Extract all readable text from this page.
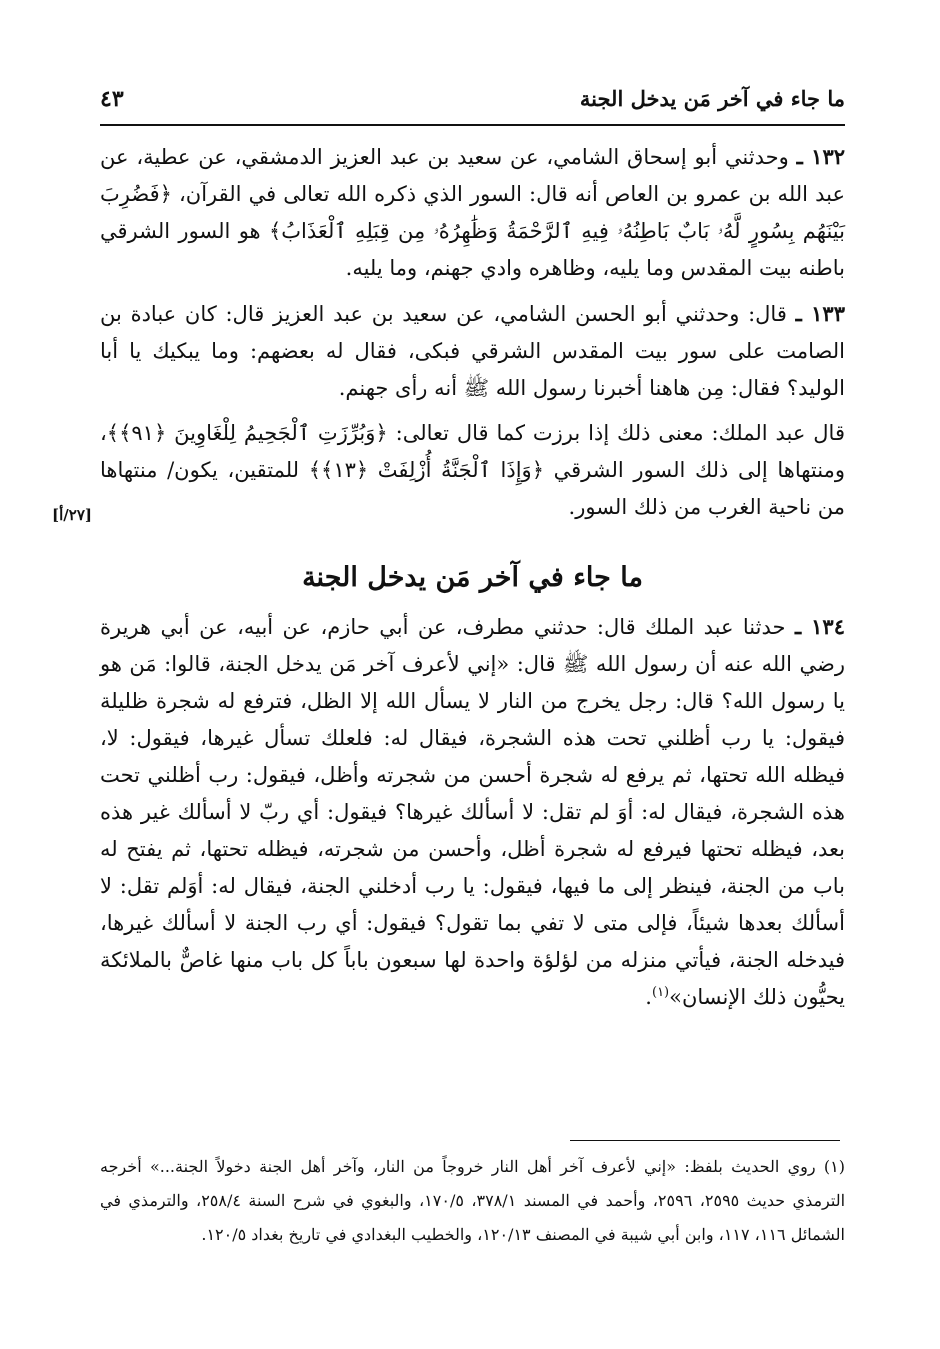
ما جاء في آخر مَن يدخل الجنة
٤٣

١٣٢ ـ وحدثني أبو إسحاق الشامي، عن سعيد بن عبد العزيز الدمشقي، عن عطية، عن عبد الله بن عمرو بن العاص أنه قال: السور الذي ذكره الله تعالى في القرآن، ﴿فَضُرِبَ بَيْنَهُم بِسُورٍ لَّهُۥ بَابٌ بَاطِنُهُۥ فِيهِ ٱلرَّحْمَةُ وَظَٰهِرُهُۥ مِن قِبَلِهِ ٱلْعَذَابُ﴾ هو السور الشرقي باطنه بيت المقدس وما يليه، وظاهره وادي جهنم، وما يليه.

١٣٣ ـ قال: وحدثني أبو الحسن الشامي، عن سعيد بن عبد العزيز قال: كان عبادة بن الصامت على سور بيت المقدس الشرقي فبكى، فقال له بعضهم: وما يبكيك يا أبا الوليد؟ فقال: مِن هاهنا أخبرنا رسول الله ﷺ أنه رأى جهنم.

قال عبد الملك: معنى ذلك إذا برزت كما قال تعالى: ﴿وَبُرِّزَتِ ٱلْجَحِيمُ لِلْغَاوِينَ ﴿٩١﴾﴾، ومنتهاها إلى ذلك السور الشرقي ﴿وَإِذَا ٱلْجَنَّةُ أُزْلِفَتْ ﴿١٣﴾﴾ للمتقين، يكون/ منتهاها من ناحية الغرب من ذلك السور.

ما جاء في آخر مَن يدخل الجنة

١٣٤ ـ حدثنا عبد الملك قال: حدثني مطرف، عن أبي حازم، عن أبيه، عن أبي هريرة رضي الله عنه أن رسول الله ﷺ قال: «إني لأعرف آخر مَن يدخل الجنة، قالوا: مَن هو يا رسول الله؟ قال: رجل يخرج من النار لا يسأل الله إلا الظل، فترفع له شجرة ظليلة فيقول: يا رب أظلني تحت هذه الشجرة، فيقال له: فلعلك تسأل غيرها، فيقول: لا، فيظله الله تحتها، ثم يرفع له شجرة أحسن من شجرته وأظل، فيقول: رب أظلني تحت هذه الشجرة، فيقال له: أوَ لم تقل: لا أسألك غيرها؟ فيقول: أي ربّ لا أسألك غير هذه بعد، فيظله تحتها فيرفع له شجرة أظل، وأحسن من شجرته، فيظله تحتها، ثم يفتح له باب من الجنة، فينظر إلى ما فيها، فيقول: يا رب أدخلني الجنة، فيقال له: أوَلم تقل: لا أسألك بعدها شيئاً، فإلى متى لا تفي بما تقول؟ فيقول: أي رب الجنة لا أسألك غيرها، فيدخله الجنة، فيأتي منزله من لؤلؤة واحدة لها سبعون باباً كل باب منها غاصٌّ بالملائكة يحيُّون ذلك الإنسان»$^{(١)}$.

[٢٧/أ]
(١) روي الحديث بلفظ: «إني لأعرف آخر أهل النار خروجاً من النار، وآخر أهل الجنة دخولاً الجنة...» أخرجه الترمذي حديث ٢٥٩٥، ٢٥٩٦، وأحمد في المسند ٣٧٨/١، ١٧٠/٥، والبغوي في شرح السنة ٢٥٨/٤، والترمذي في الشمائل ١١٦، ١١٧، وابن أبي شيبة في المصنف ١٢٠/١٣، والخطيب البغدادي في تاريخ بغداد ١٢٠/٥.
